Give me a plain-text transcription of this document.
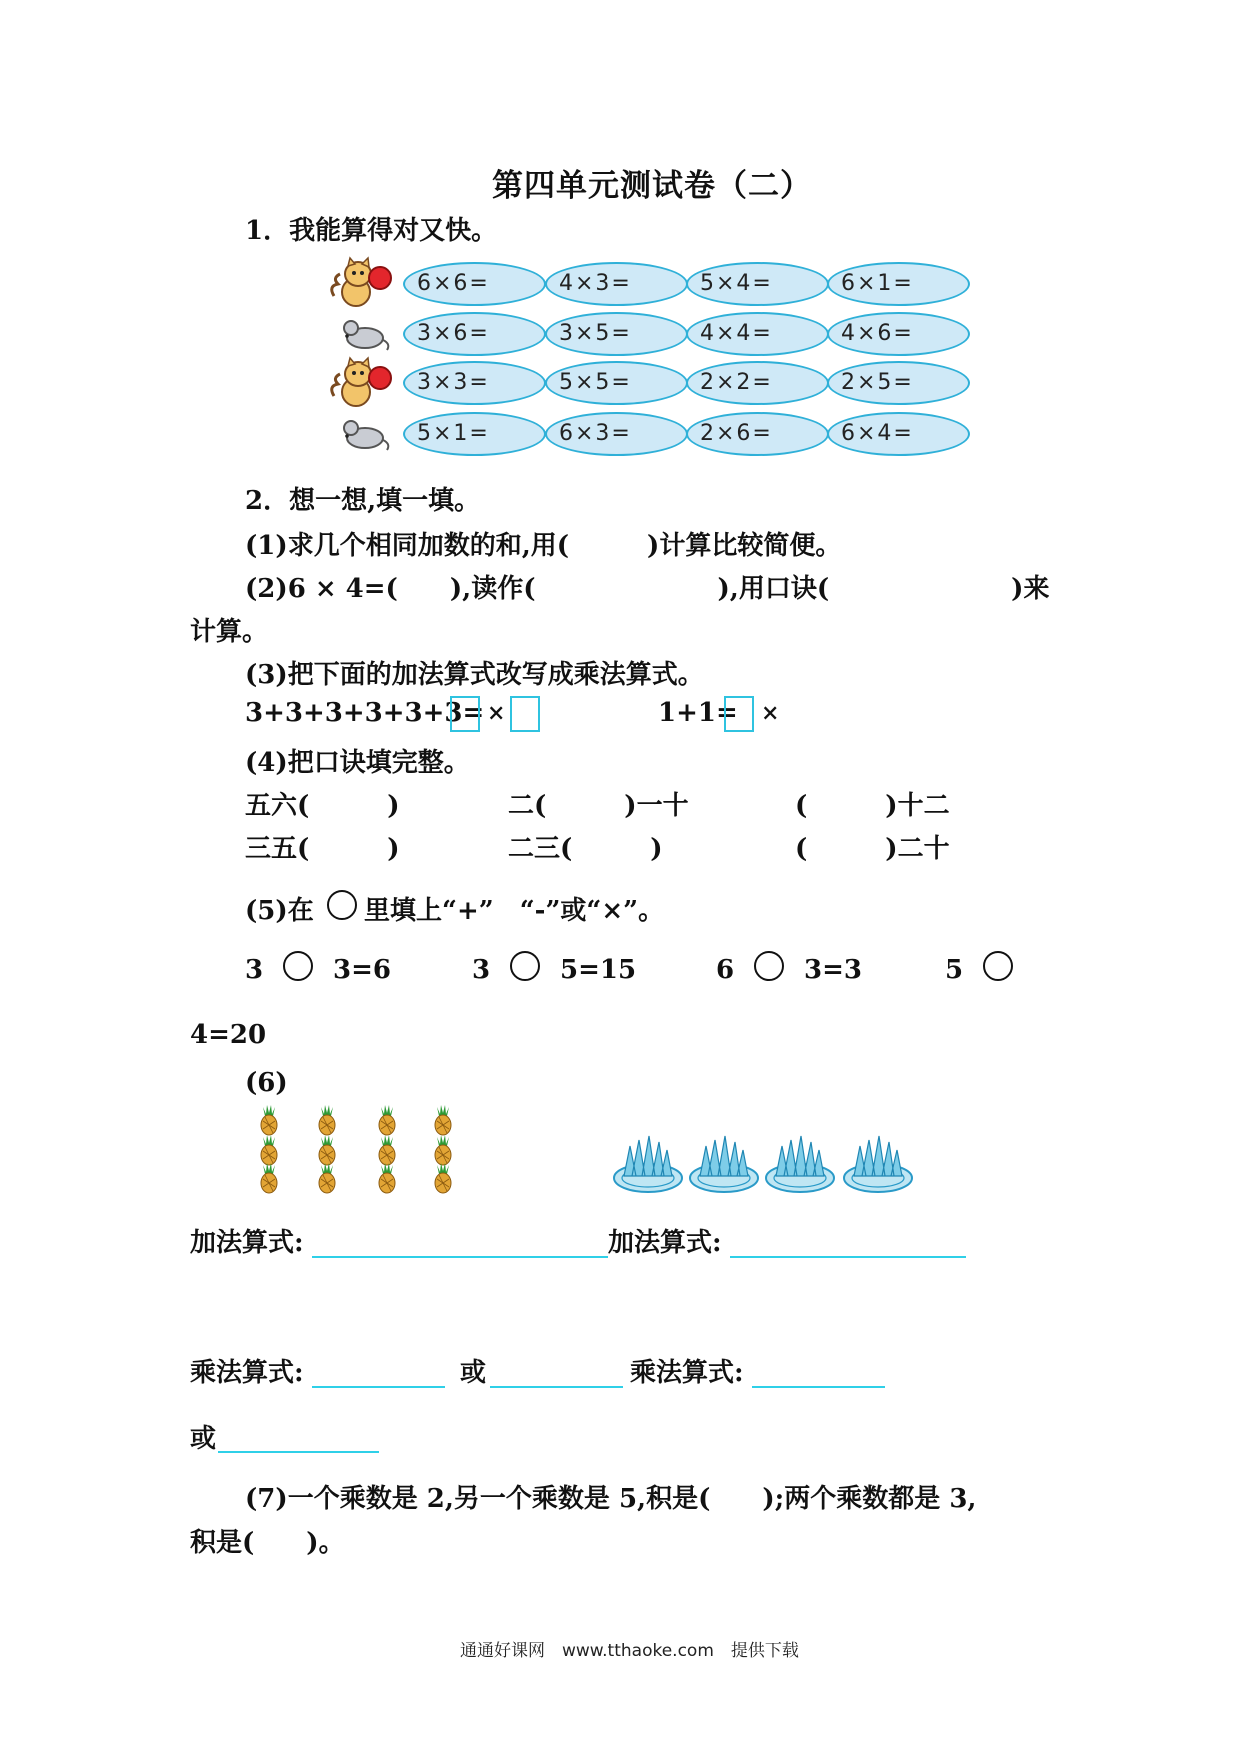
第四单元测试卷（二）
1．我能算得对又快。
6×6=	4×3=	5×4=	6×1=
3×6=	3×5=	4×4=	4×6=
3×3=	5×5=	2×2=	2×5=
5×1=	6×3=	2×6=	6×4=
2．想一想,填一填。
(1)求几个相同加数的和,用(　　　)计算比较简便。
(2)6 × 4=(　　),读作(　　　　　　　),用口诀(　　　　　　　)来
计算。
(3)把下面的加法算式改写成乘法算式。
3+3+3+3+3+3= ×	1+1= ×
(4)把口诀填完整。
五六(　　　)	二(　　　)一十	(　　　)十二
三五(　　　)	二三(　　　)	(　　　)二十
(5)在 里填上“+”　“-”或“×”。
3	3=6	3	5=15	6	3=3	5
4=20
(6)
加法算式:	加法算式:
乘法算式:	或	乘法算式:
或
(7)一个乘数是 2,另一个乘数是 5,积是(　　);两个乘数都是 3,
积是(　　)。
通通好课网　www.tthaoke.com　提供下载
